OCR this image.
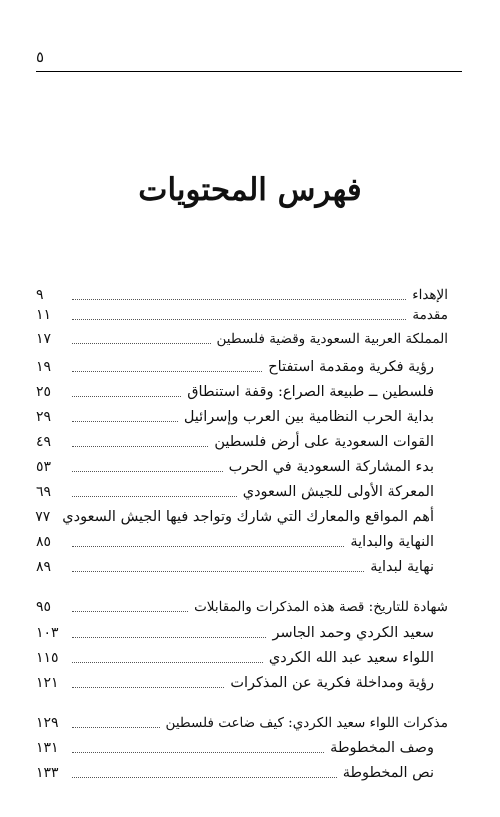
٥
فهرس المحتويات
الإهداء
٩
مقدمة
١١
المملكة العربية السعودية وقضية فلسطين
١٧
رؤية فكرية ومقدمة استفتاح
١٩
فلسطين ــ طبيعة الصراع: وقفة استنطاق
٢٥
بداية الحرب النظامية بين العرب وإسرائيل
٢٩
القوات السعودية على أرض فلسطين
٤٩
بدء المشاركة السعودية في الحرب
٥٣
المعركة الأولى للجيش السعودي
٦٩
أهم المواقع والمعارك التي شارك وتواجد فيها الجيش السعودي
٧٧
النهاية والبداية
٨٥
نهاية لبداية
٨٩
شهادة للتاريخ: قصة هذه المذكرات والمقابلات
٩٥
سعيد الكردي وحمد الجاسر
١٠٣
اللواء سعيد عبد الله الكردي
١١٥
رؤية ومداخلة فكرية عن المذكرات
١٢١
مذكرات اللواء سعيد الكردي: كيف ضاعت فلسطين
١٢٩
وصف المخطوطة
١٣١
نص المخطوطة
١٣٣
